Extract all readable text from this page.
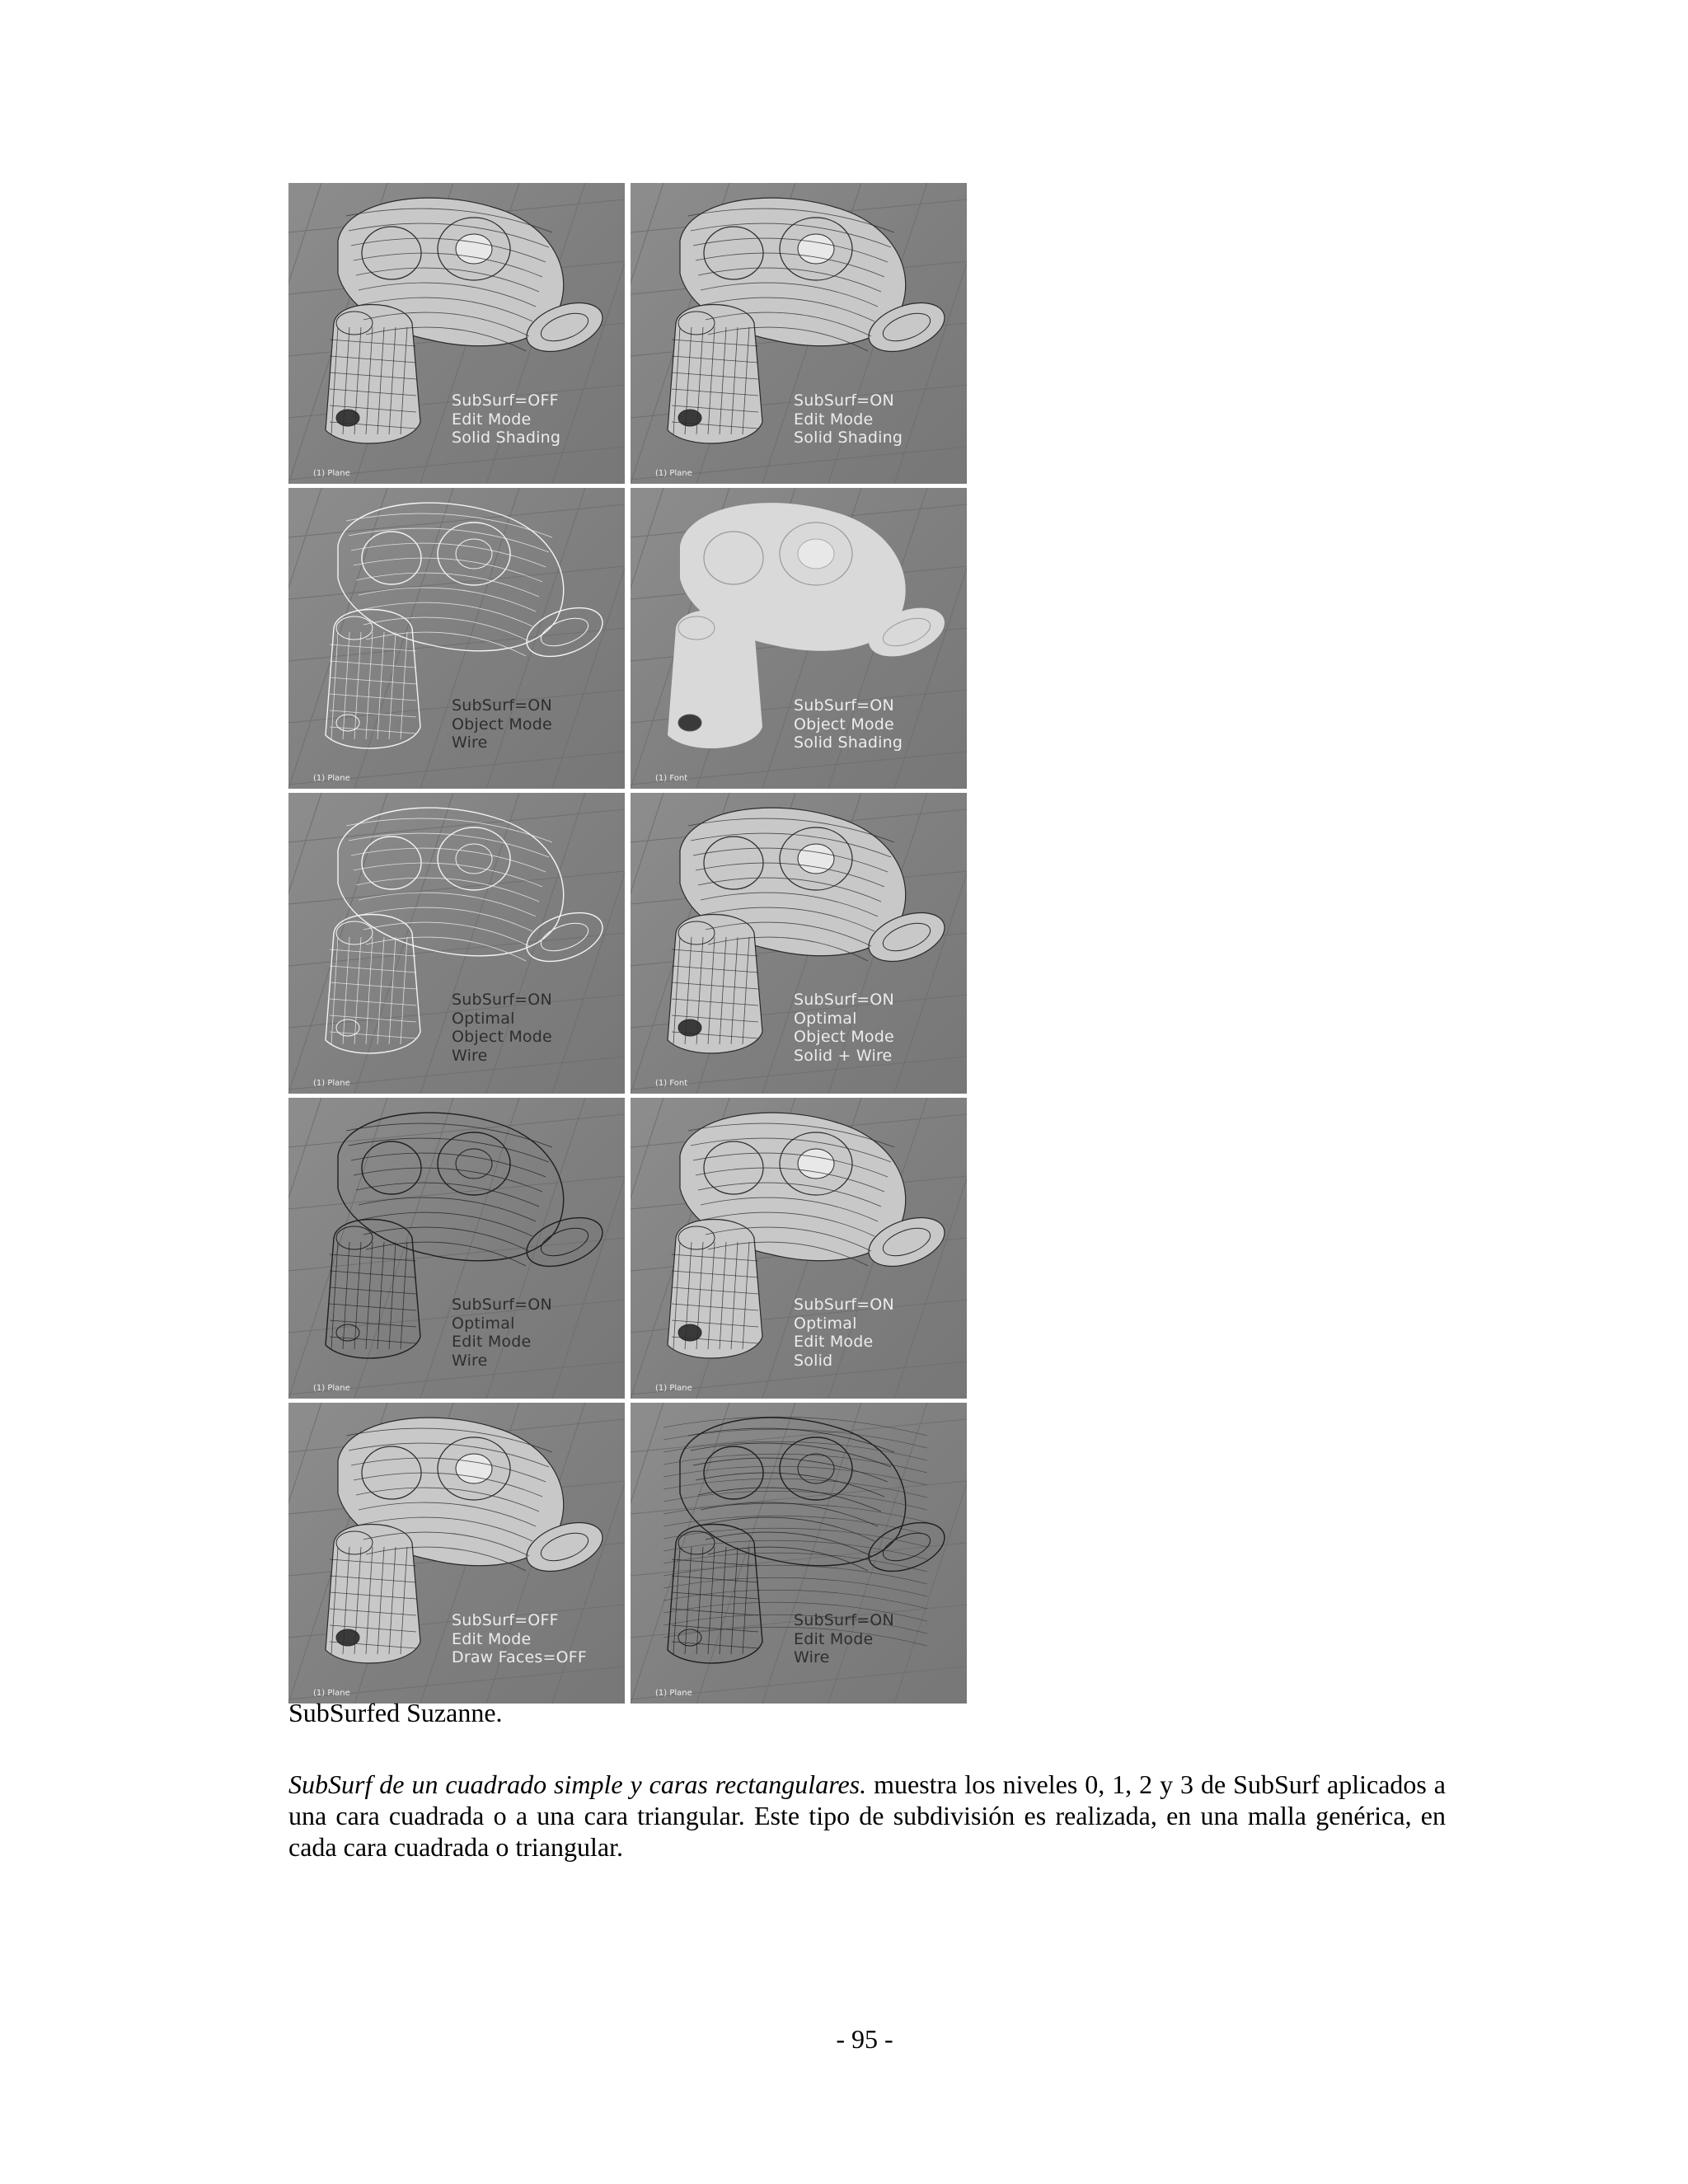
SubSurf=OFF
Edit Mode
Solid Shading
(1) Plane
SubSurf=ON
Edit Mode
Solid Shading
(1) Plane
SubSurf=ON
Object Mode
Wire
(1) Plane
SubSurf=ON
Object Mode
Solid Shading
(1) Font
SubSurf=ON
Optimal
Object Mode
Wire
(1) Plane
SubSurf=ON
Optimal
Object Mode
Solid + Wire
(1) Font
SubSurf=ON
Optimal
Edit Mode
Wire
(1) Plane
SubSurf=ON
Optimal
Edit Mode
Solid
(1) Plane
SubSurf=OFF
Edit Mode
Draw Faces=OFF
(1) Plane
SubSurf=ON
Edit Mode
Wire
(1) Plane
SubSurfed Suzanne.

SubSurf de un cuadrado simple y caras rectangulares. muestra los niveles 0, 1, 2 y 3 de SubSurf aplicados a una cara cuadrada o a una cara triangular. Este tipo de subdivisión es realizada, en una malla genérica, en cada cara cuadrada o triangular.

- 95 -
